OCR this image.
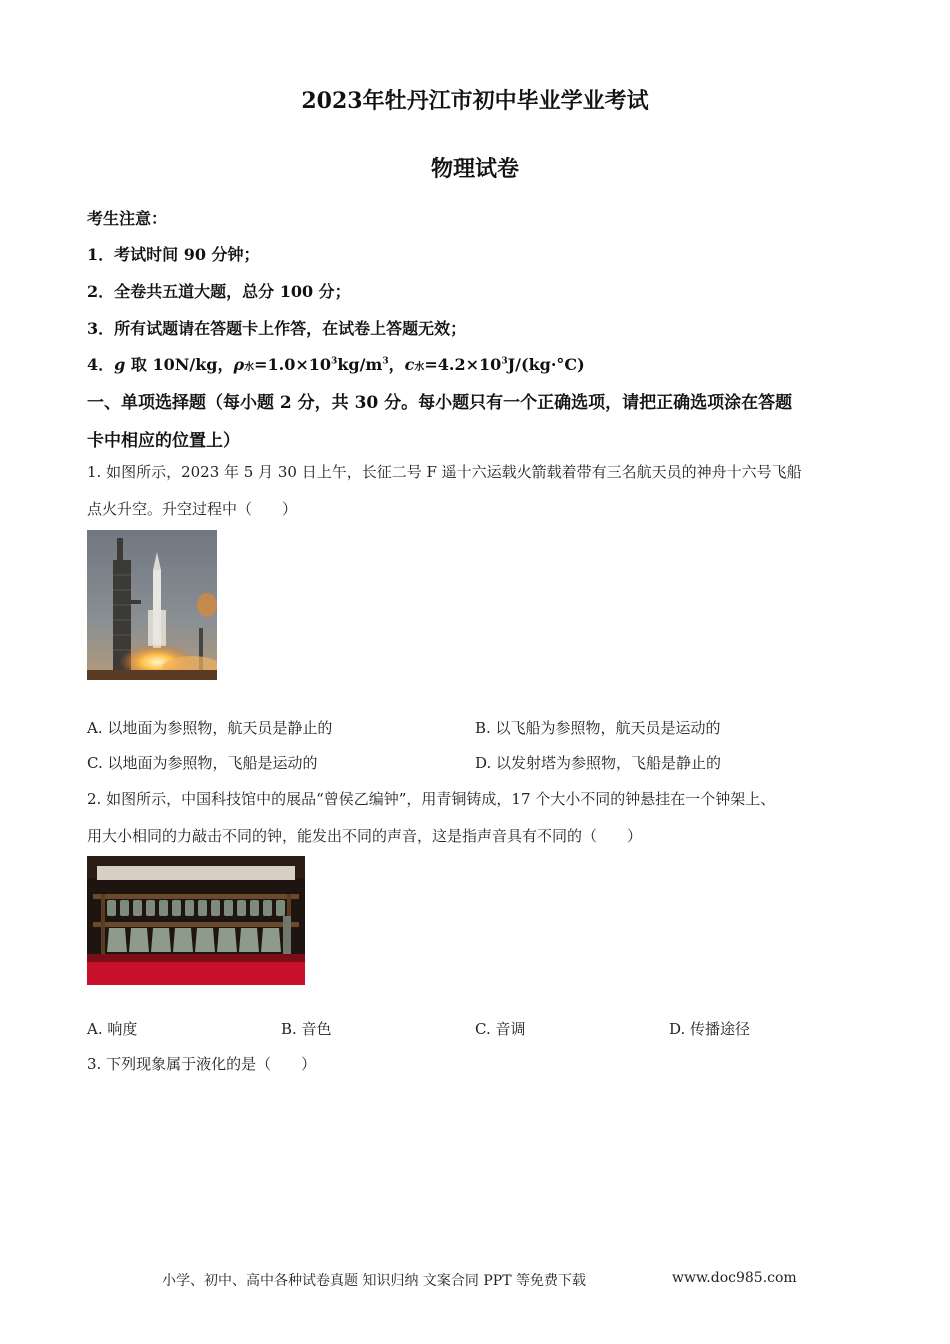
2023年牡丹江市初中毕业学业考试
物理试卷
考生注意：
1．考试时间 90 分钟；
2．全卷共五道大题，总分 100 分；
3．所有试题请在答题卡上作答，在试卷上答题无效；
4．g 取 10N/kg，ρ水$=1.0\times 10^3kg/m^3$，c水$=4.2\times 10^3J/(kg\cdot^\circ C)$
一、单项选择题（每小题 2 分，共 30 分。每小题只有一个正确选项，请把正确选项涂在答题
卡中相应的位置上）
1. 如图所示，2023 年 5 月 30 日上午，长征二号 F 遥十六运载火箭载着带有三名航天员的神舟十六号飞船
点火升空。升空过程中（　　）
A. 以地面为参照物，航天员是静止的	B. 以飞船为参照物，航天员是运动的
C. 以地面为参照物，飞船是运动的	D. 以发射塔为参照物，飞船是静止的
2. 如图所示，中国科技馆中的展品“曾侯乙编钟”，用青铜铸成，17 个大小不同的钟悬挂在一个钟架上、
用大小相同的力敲击不同的钟，能发出不同的声音，这是指声音具有不同的（　　）
A. 响度	B. 音色	C. 音调	D. 传播途径
3. 下列现象属于液化的是（　　）
小学、初中、高中各种试卷真题 知识归纳 文案合同 PPT 等免费下载	www.doc985.com
